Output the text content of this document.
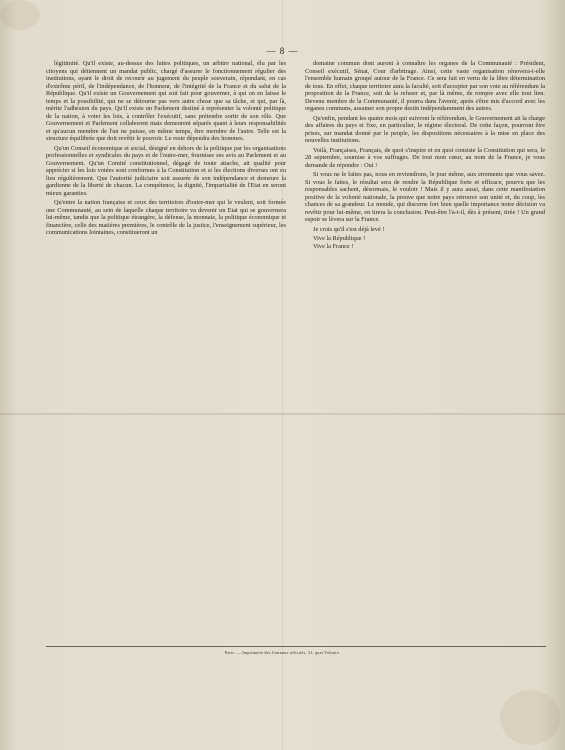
— 8 —

légitimité. Qu'il existe, au-dessus des luttes politiques, un arbitre national, élu par les citoyens qui détiennent un mandat public, chargé d'assurer le fonctionnement régulier des institutions, ayant le droit de recourir au jugement du peuple souverain, répondant, en cas d'extrême péril, de l'indépendance, de l'honneur, de l'intégrité de la France et du salut de la République. Qu'il existe un Gouvernement qui soit fait pour gouverner, à qui on en laisse le temps et la possibilité, qui ne se détourne pas vers autre chose que sa tâche, et qui, par là, mérite l'adhésion du pays. Qu'il existe un Parlement destiné à représenter la volonté politique de la nation, à voter les lois, à contrôler l'exécutif, sans prétendre sortir de son rôle. Que Gouvernement et Parlement collaborent mais demeurent séparés quant à leurs responsabilités et qu'aucun membre de l'un ne puisse, en même temps, être membre de l'autre. Telle est la structure équilibrée que doit revêtir le pouvoir. Le reste dépendra des hommes.

Qu'un Conseil économique et social, désigné en dehors de la politique par les organisations professionnelles et syndicales du pays et de l'outre-mer, fournisse ses avis au Parlement et au Gouvernement. Qu'un Comité constitutionnel, dégagé de toute attache, ait qualité pour apprécier si les lois votées sont conformes à la Constitution et si les élections diverses ont eu lieu régulièrement. Que l'autorité judiciaire soit assurée de son indépendance et demeure la gardienne de la liberté de chacun. La compétence, la dignité, l'impartialité de l'Etat en seront mieux garanties.

Qu'entre la nation française et ceux des territoires d'outre-mer qui le veulent, soit formée une Communauté, au sein de laquelle chaque territoire va devenir un Etat qui se gouvernera lui-même, tandis que la politique étrangère, la défense, la monnaie, la politique économique et financière, celle des matières premières, le contrôle de la justice, l'enseignement supérieur, les communications lointaines, constitueront un

domaine commun dont auront à connaître les organes de la Communauté : Président, Conseil exécutif, Sénat, Cour d'arbitrage. Ainsi, cette vaste organisation rénovera-t-elle l'ensemble humain groupé autour de la France. Ce sera fait en vertu de la libre détermination de tous. En effet, chaque territoire aura la faculté, soit d'accepter par son vote au référendum la proposition de la France, soit de la refuser et, par là même, de rompre avec elle tout lien. Devenu membre de la Communauté, il pourra dans l'avenir, après s'être mis d'accord avec les organes communs, assumer son propre destin indépendamment des autres.

Qu'enfin, pendant les quatre mois qui suivront le référendum, le Gouvernement ait la charge des affaires du pays et fixe, en particulier, le régime électoral. De cette façon, pourront être prises, sur mandat donné par le peuple, les dispositions nécessaires à la mise en place des nouvelles institutions.

Voilà, Françaises, Français, de quoi s'inspire et en quoi consiste la Constitution qui sera, le 28 septembre, soumise à vos suffrages. De tout mon cœur, au nom de la France, je vous demande de répondre : Oui !

Si vous ne le faites pas, nous en reviendrons, le jour même, aux errements que vous savez. Si vous le faites, le résultat sera de rendre la République forte et efficace, pourvu que les responsables sachent, désormais, le vouloir ! Mais il y aura aussi, dans cette manifestation positive de la volonté nationale, la preuve que notre pays retrouve son unité et, du coup, les chances de sa grandeur. Le monde, qui discerne fort bien quelle importance notre décision va revêtir pour lui-même, en tirera la conclusion. Peut-être l'a-t-il, dès à présent, tirée ! Un grand espoir se lèvera sur la France.

Je crois qu'il s'est déjà levé !

Vive la République !

Vive la France !

Paris. — Imprimerie des Journaux officiels, 31, quai Voltaire.
